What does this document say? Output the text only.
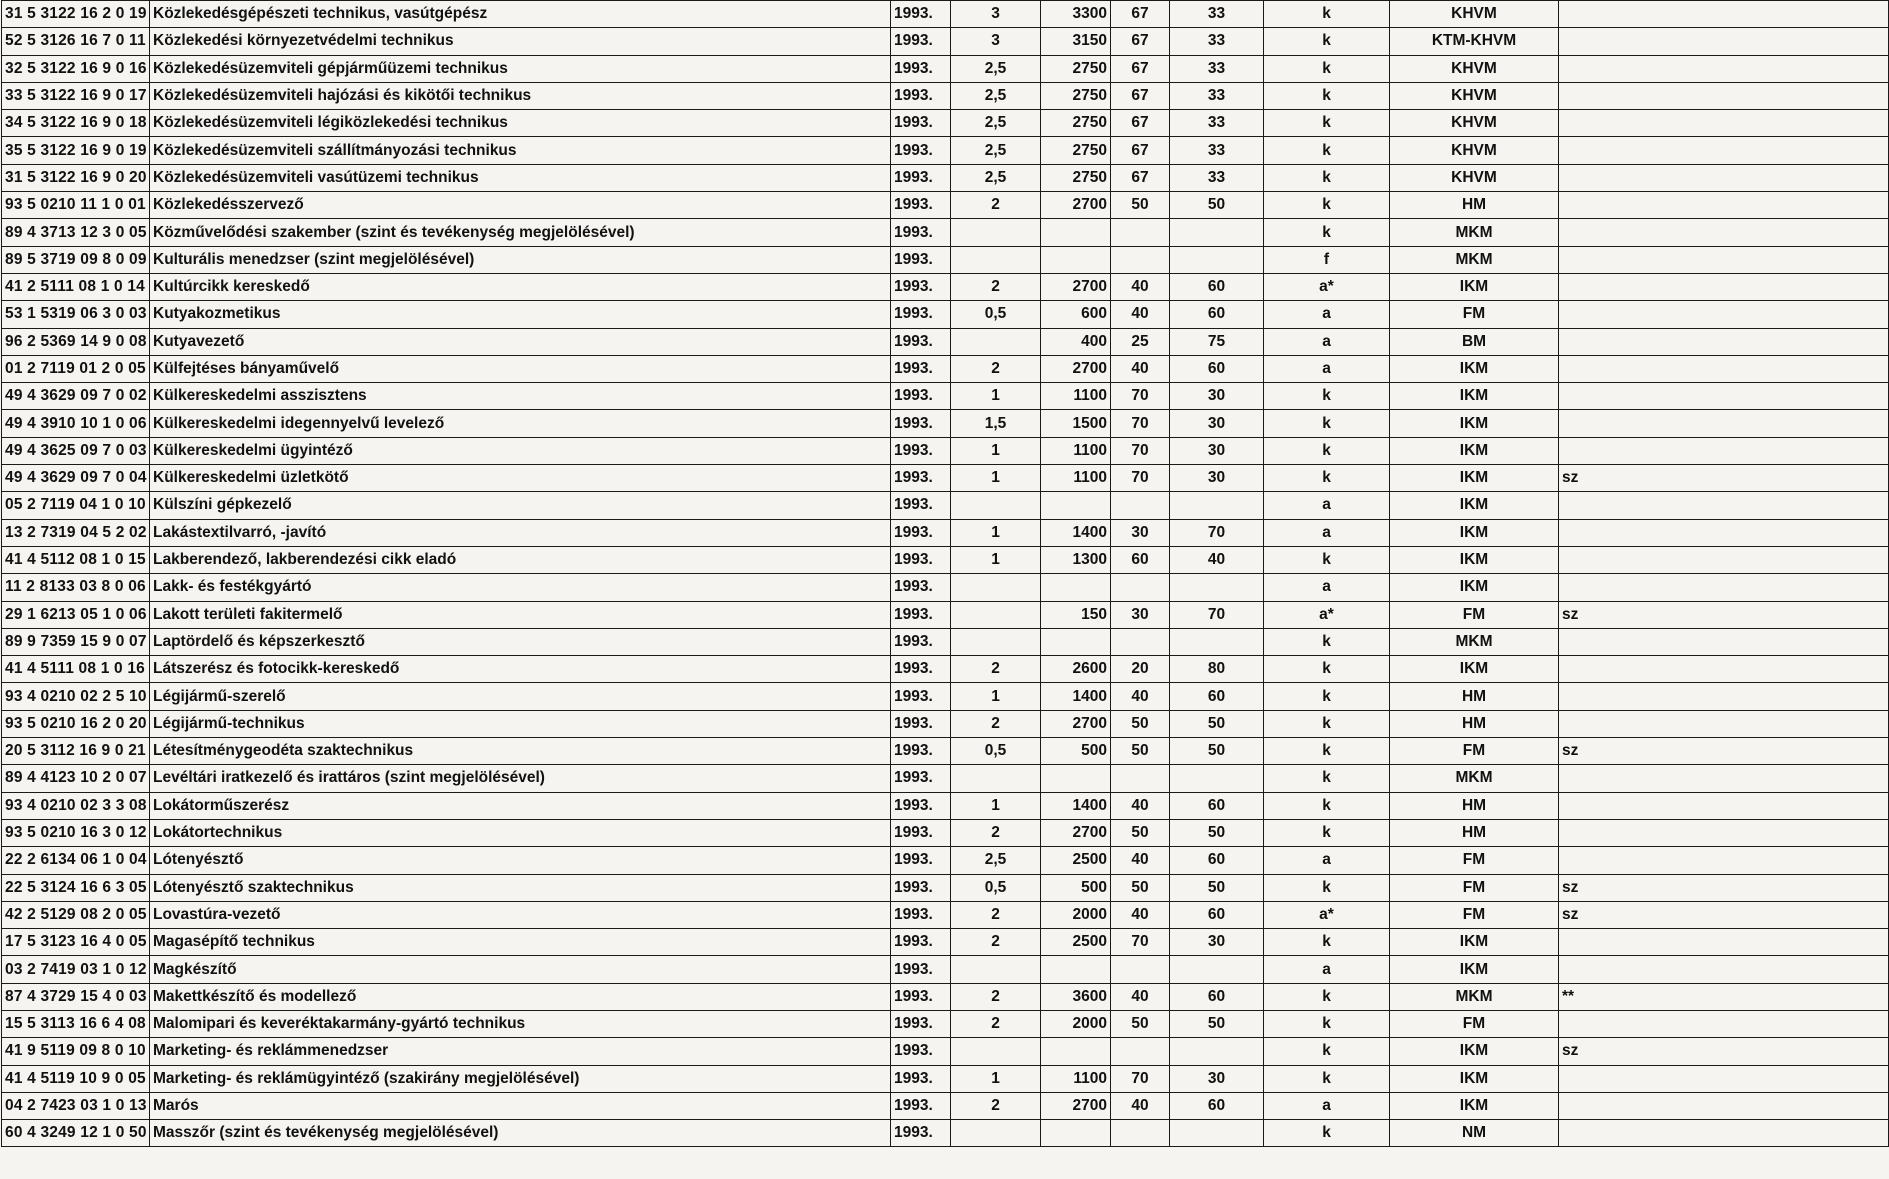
31 5 3122 16 2 0 19	Közlekedésgépészeti technikus, vasútgépész	1993.	3	3300	67	33	k	KHVM	
52 5 3126 16 7 0 11	Közlekedési környezetvédelmi technikus	1993.	3	3150	67	33	k	KTM-KHVM	
32 5 3122 16 9 0 16	Közlekedésüzemviteli gépjárműüzemi technikus	1993.	2,5	2750	67	33	k	KHVM	
33 5 3122 16 9 0 17	Közlekedésüzemviteli hajózási és kikötői technikus	1993.	2,5	2750	67	33	k	KHVM	
34 5 3122 16 9 0 18	Közlekedésüzemviteli légiközlekedési technikus	1993.	2,5	2750	67	33	k	KHVM	
35 5 3122 16 9 0 19	Közlekedésüzemviteli szállítmányozási technikus	1993.	2,5	2750	67	33	k	KHVM	
31 5 3122 16 9 0 20	Közlekedésüzemviteli vasútüzemi technikus	1993.	2,5	2750	67	33	k	KHVM	
93 5 0210 11 1 0 01	Közlekedésszervező	1993.	2	2700	50	50	k	HM	
89 4 3713 12 3 0 05	Közművelődési szakember (szint és tevékenység megjelölésével)	1993.					k	MKM	
89 5 3719 09 8 0 09	Kulturális menedzser (szint megjelölésével)	1993.					f	MKM	
41 2 5111 08 1 0 14	Kultúrcikk kereskedő	1993.	2	2700	40	60	a*	IKM	
53 1 5319 06 3 0 03	Kutyakozmetikus	1993.	0,5	600	40	60	a	FM	
96 2 5369 14 9 0 08	Kutyavezető	1993.		400	25	75	a	BM	
01 2 7119 01 2 0 05	Külfejtéses bányaművelő	1993.	2	2700	40	60	a	IKM	
49 4 3629 09 7 0 02	Külkereskedelmi asszisztens	1993.	1	1100	70	30	k	IKM	
49 4 3910 10 1 0 06	Külkereskedelmi idegennyelvű levelező	1993.	1,5	1500	70	30	k	IKM	
49 4 3625 09 7 0 03	Külkereskedelmi ügyintéző	1993.	1	1100	70	30	k	IKM	
49 4 3629 09 7 0 04	Külkereskedelmi üzletkötő	1993.	1	1100	70	30	k	IKM	sz
05 2 7119 04 1 0 10	Külszíni gépkezelő	1993.					a	IKM	
13 2 7319 04 5 2 02	Lakástextilvarró, -javító	1993.	1	1400	30	70	a	IKM	
41 4 5112 08 1 0 15	Lakberendező, lakberendezési cikk eladó	1993.	1	1300	60	40	k	IKM	
11 2 8133 03 8 0 06	Lakk- és festékgyártó	1993.					a	IKM	
29 1 6213 05 1 0 06	Lakott területi fakitermelő	1993.		150	30	70	a*	FM	sz
89 9 7359 15 9 0 07	Laptördelő és képszerkesztő	1993.					k	MKM	
41 4 5111 08 1 0 16	Látszerész és fotocikk-kereskedő	1993.	2	2600	20	80	k	IKM	
93 4 0210 02 2 5 10	Légijármű-szerelő	1993.	1	1400	40	60	k	HM	
93 5 0210 16 2 0 20	Légijármű-technikus	1993.	2	2700	50	50	k	HM	
20 5 3112 16 9 0 21	Létesítménygeodéta szaktechnikus	1993.	0,5	500	50	50	k	FM	sz
89 4 4123 10 2 0 07	Levéltári iratkezelő és irattáros (szint megjelölésével)	1993.					k	MKM	
93 4 0210 02 3 3 08	Lokátorműszerész	1993.	1	1400	40	60	k	HM	
93 5 0210 16 3 0 12	Lokátortechnikus	1993.	2	2700	50	50	k	HM	
22 2 6134 06 1 0 04	Lótenyésztő	1993.	2,5	2500	40	60	a	FM	
22 5 3124 16 6 3 05	Lótenyésztő szaktechnikus	1993.	0,5	500	50	50	k	FM	sz
42 2 5129 08 2 0 05	Lovastúra-vezető	1993.	2	2000	40	60	a*	FM	sz
17 5 3123 16 4 0 05	Magasépítő technikus	1993.	2	2500	70	30	k	IKM	
03 2 7419 03 1 0 12	Magkészítő	1993.					a	IKM	
87 4 3729 15 4 0 03	Makettkészítő és modellező	1993.	2	3600	40	60	k	MKM	**
15 5 3113 16 6 4 08	Malomipari és keveréktakarmány-gyártó technikus	1993.	2	2000	50	50	k	FM	
41 9 5119 09 8 0 10	Marketing- és reklámmenedzser	1993.					k	IKM	sz
41 4 5119 10 9 0 05	Marketing- és reklámügyintéző (szakirány megjelölésével)	1993.	1	1100	70	30	k	IKM	
04 2 7423 03 1 0 13	Marós	1993.	2	2700	40	60	a	IKM	
60 4 3249 12 1 0 50	Masszőr (szint és tevékenység megjelölésével)	1993.					k	NM	
